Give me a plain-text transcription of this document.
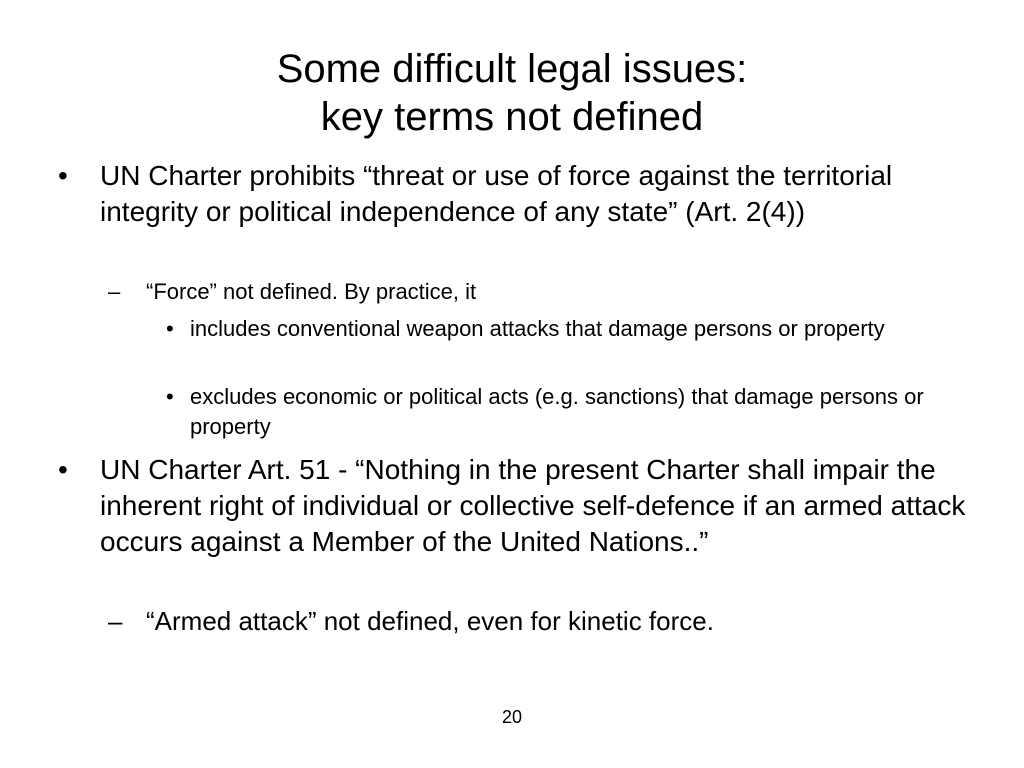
Some difficult legal issues:
key terms not defined
•	UN Charter prohibits “threat or use of force against the territorial integrity or political independence of any state” (Art. 2(4))
–	“Force” not defined. By practice, it
• includes conventional weapon attacks that damage persons or property
• excludes economic or political acts (e.g. sanctions) that damage persons or property
•	UN Charter Art. 51 - “Nothing in the present Charter shall impair the inherent right of individual or collective self-defence if an armed attack occurs against a Member of the United Nations..”
– “Armed attack” not defined, even for kinetic force.
20
